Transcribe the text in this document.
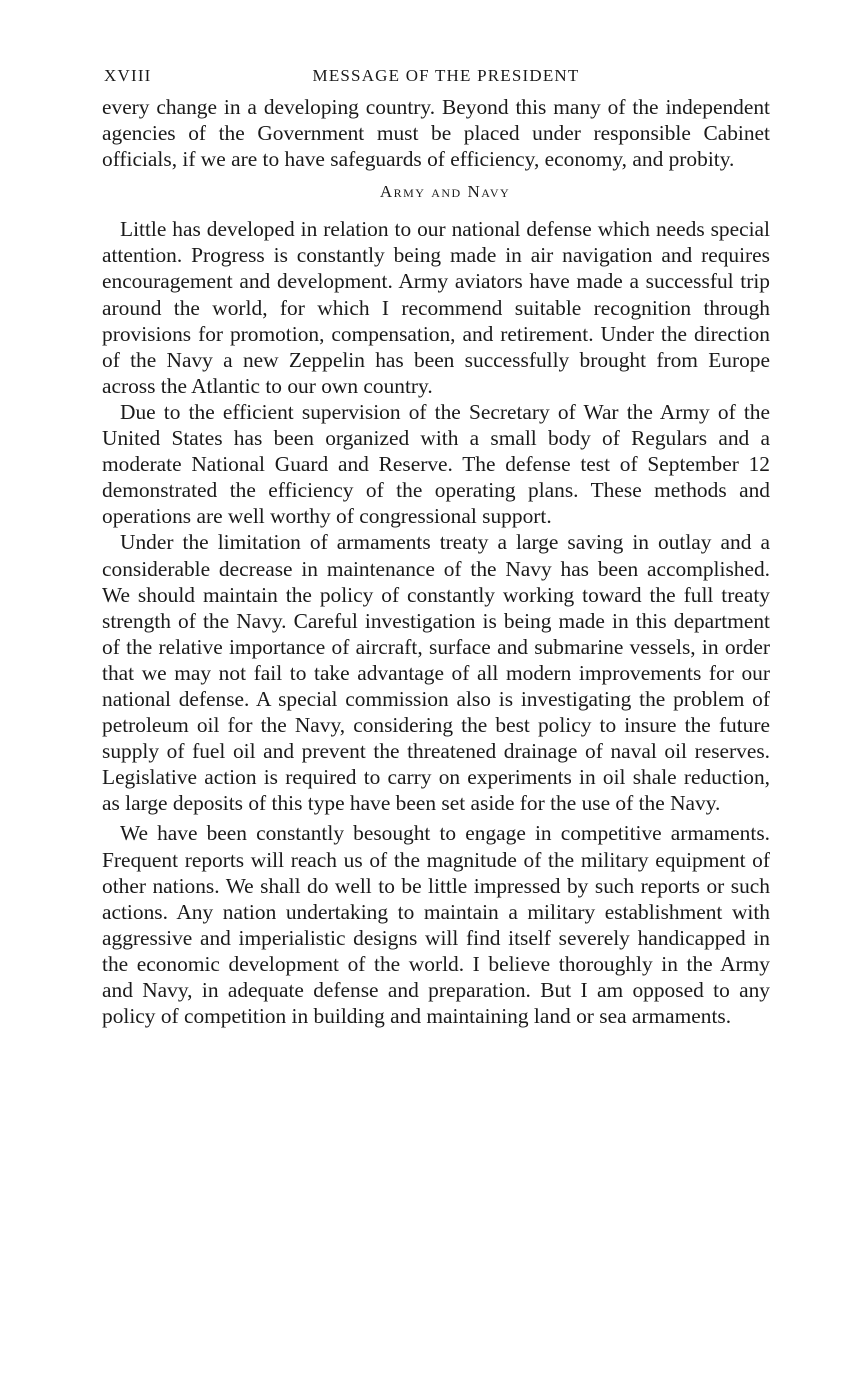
XVIII	MESSAGE OF THE PRESIDENT

every change in a developing country. Beyond this many of the independent agencies of the Government must be placed under responsible Cabinet officials, if we are to have safeguards of efficiency, economy, and probity.

Army and Navy

Little has developed in relation to our national defense which needs special attention. Progress is constantly being made in air navigation and requires encouragement and development. Army aviators have made a successful trip around the world, for which I recommend suitable recognition through provisions for promotion, compensation, and retirement. Under the direction of the Navy a new Zeppelin has been successfully brought from Europe across the Atlantic to our own country.

Due to the efficient supervision of the Secretary of War the Army of the United States has been organized with a small body of Regulars and a moderate National Guard and Reserve. The defense test of September 12 demonstrated the efficiency of the operating plans. These methods and operations are well worthy of congressional support.

Under the limitation of armaments treaty a large saving in outlay and a considerable decrease in maintenance of the Navy has been accomplished. We should maintain the policy of constantly working toward the full treaty strength of the Navy. Careful investigation is being made in this department of the relative importance of aircraft, surface and submarine vessels, in order that we may not fail to take advantage of all modern improvements for our national defense. A special commission also is investigating the problem of petroleum oil for the Navy, considering the best policy to insure the future supply of fuel oil and prevent the threatened drainage of naval oil reserves. Legislative action is required to carry on experiments in oil shale reduction, as large deposits of this type have been set aside for the use of the Navy.

We have been constantly besought to engage in competitive armaments. Frequent reports will reach us of the magnitude of the military equipment of other nations. We shall do well to be little impressed by such reports or such actions. Any nation undertaking to maintain a military establishment with aggressive and imperialistic designs will find itself severely handicapped in the economic development of the world. I believe thoroughly in the Army and Navy, in adequate defense and preparation. But I am opposed to any policy of competition in building and maintaining land or sea armaments.
